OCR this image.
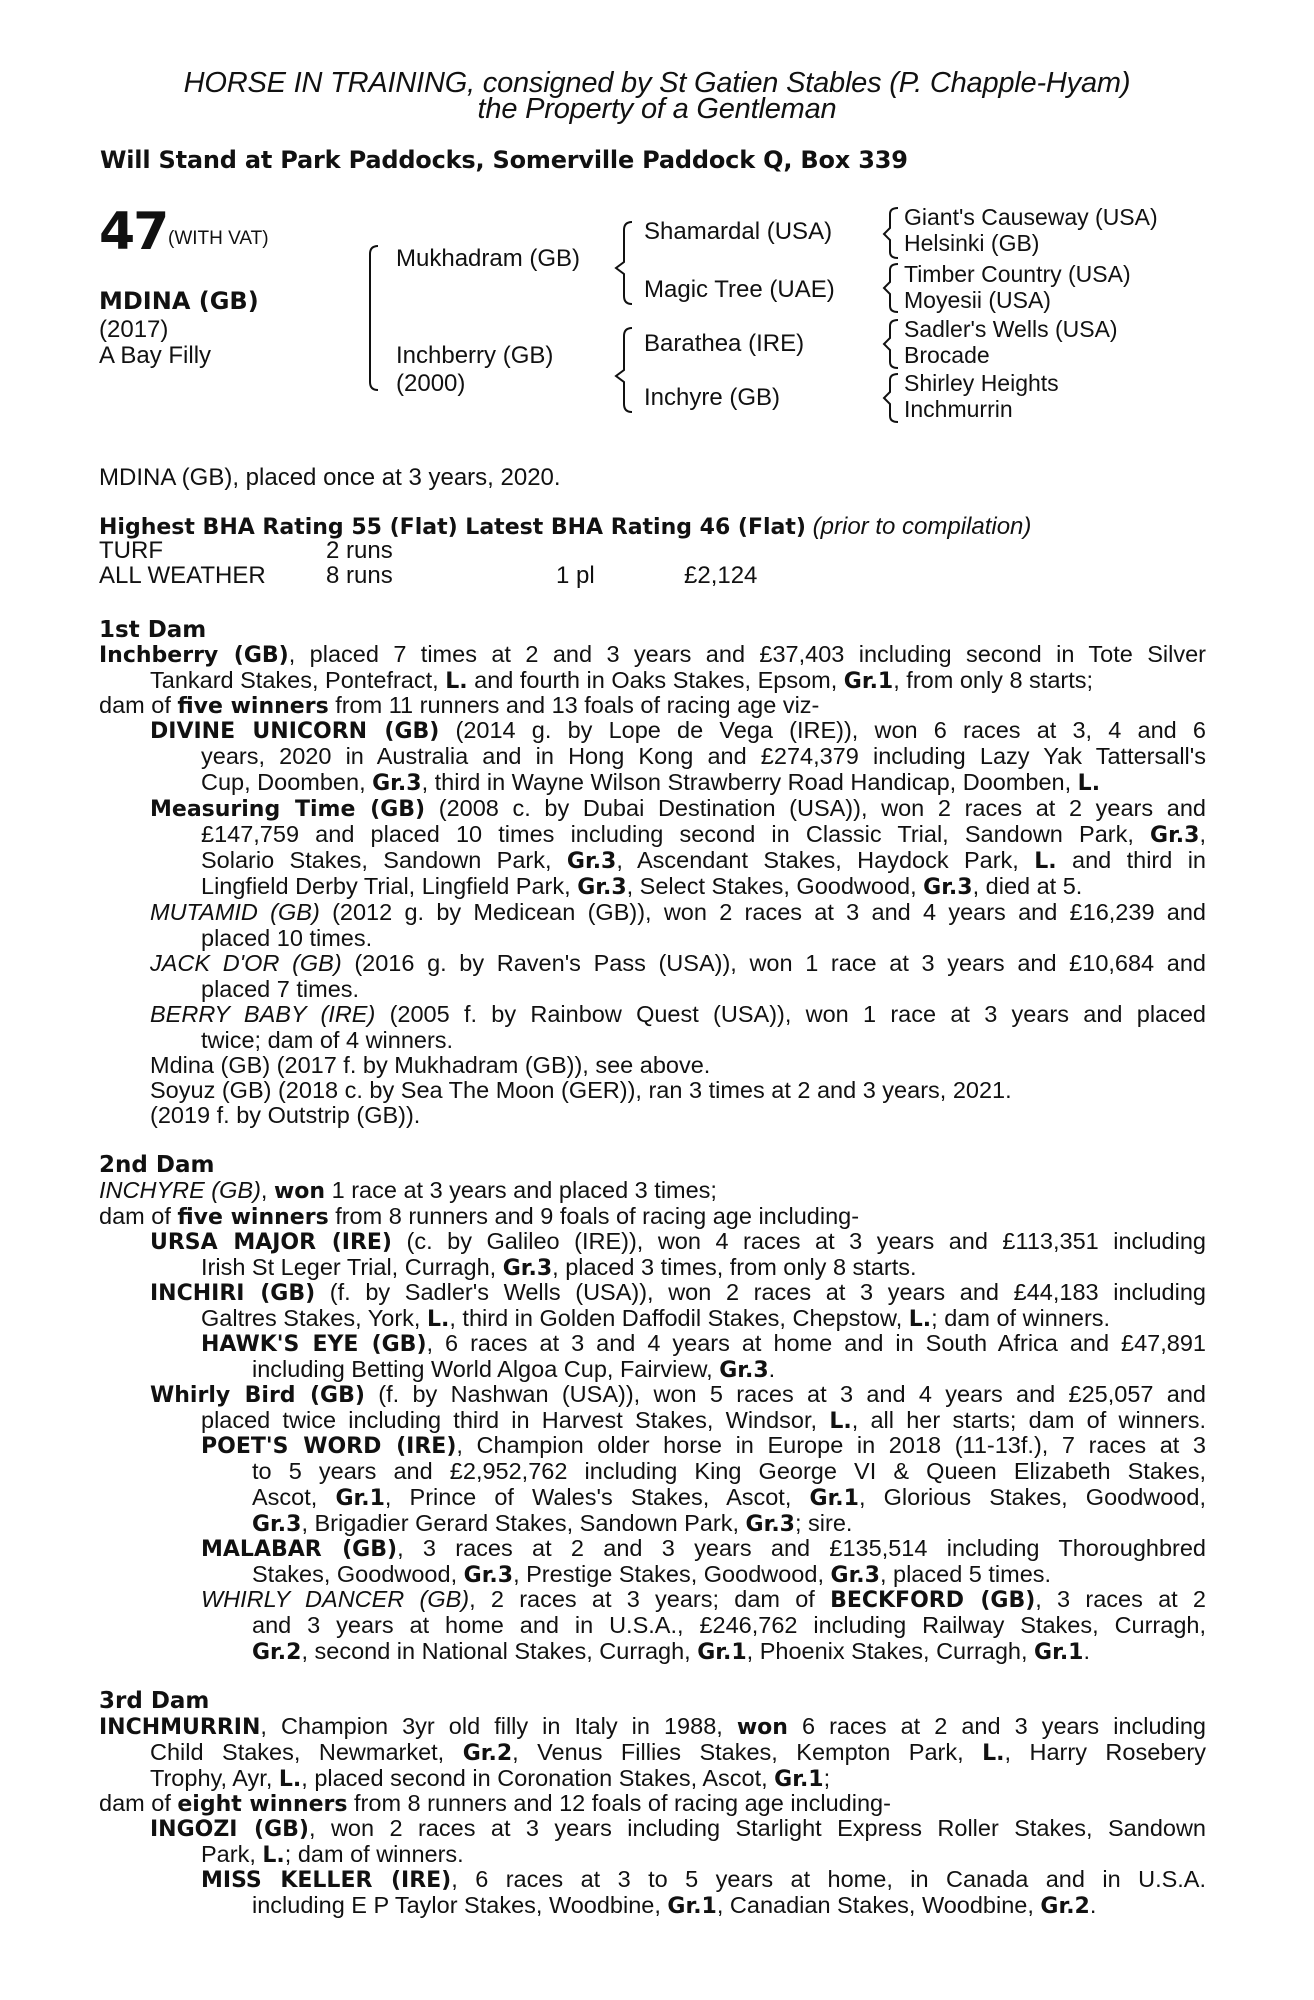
HORSE IN TRAINING, consigned by St Gatien Stables (P. Chapple-Hyam)
the Property of a Gentleman
Will Stand at Park Paddocks, Somerville Paddock Q, Box 339
47 (WITH VAT)
MDINA (GB)
(2017)
A Bay Filly
Mukhadram (GB)
Inchberry (GB)
(2000)
Shamardal (USA)
Magic Tree (UAE)
Barathea (IRE)
Inchyre (GB)
Giant's Causeway (USA)
Helsinki (GB)
Timber Country (USA)
Moyesii (USA)
Sadler's Wells (USA)
Brocade
Shirley Heights
Inchmurrin
MDINA (GB), placed once at 3 years, 2020.
Highest BHA Rating 55 (Flat) Latest BHA Rating 46 (Flat) (prior to compilation)
TURF	2 runs
ALL WEATHER	8 runs	1 pl	£2,124
1st Dam
Inchberry (GB), placed 7 times at 2 and 3 years and £37,403 including second in Tote Silver
Tankard Stakes, Pontefract, L. and fourth in Oaks Stakes, Epsom, Gr.1, from only 8 starts;
dam of five winners from 11 runners and 13 foals of racing age viz-
DIVINE UNICORN (GB) (2014 g. by Lope de Vega (IRE)), won 6 races at 3, 4 and 6
years, 2020 in Australia and in Hong Kong and £274,379 including Lazy Yak Tattersall's
Cup, Doomben, Gr.3, third in Wayne Wilson Strawberry Road Handicap, Doomben, L.
Measuring Time (GB) (2008 c. by Dubai Destination (USA)), won 2 races at 2 years and
£147,759 and placed 10 times including second in Classic Trial, Sandown Park, Gr.3,
Solario Stakes, Sandown Park, Gr.3, Ascendant Stakes, Haydock Park, L. and third in
Lingfield Derby Trial, Lingfield Park, Gr.3, Select Stakes, Goodwood, Gr.3, died at 5.
MUTAMID (GB) (2012 g. by Medicean (GB)), won 2 races at 3 and 4 years and £16,239 and
placed 10 times.
JACK D'OR (GB) (2016 g. by Raven's Pass (USA)), won 1 race at 3 years and £10,684 and
placed 7 times.
BERRY BABY (IRE) (2005 f. by Rainbow Quest (USA)), won 1 race at 3 years and placed
twice; dam of 4 winners.
Mdina (GB) (2017 f. by Mukhadram (GB)), see above.
Soyuz (GB) (2018 c. by Sea The Moon (GER)), ran 3 times at 2 and 3 years, 2021.
(2019 f. by Outstrip (GB)).
2nd Dam
INCHYRE (GB), won 1 race at 3 years and placed 3 times;
dam of five winners from 8 runners and 9 foals of racing age including-
URSA MAJOR (IRE) (c. by Galileo (IRE)), won 4 races at 3 years and £113,351 including
Irish St Leger Trial, Curragh, Gr.3, placed 3 times, from only 8 starts.
INCHIRI (GB) (f. by Sadler's Wells (USA)), won 2 races at 3 years and £44,183 including
Galtres Stakes, York, L., third in Golden Daffodil Stakes, Chepstow, L.; dam of winners.
HAWK'S EYE (GB), 6 races at 3 and 4 years at home and in South Africa and £47,891
including Betting World Algoa Cup, Fairview, Gr.3.
Whirly Bird (GB) (f. by Nashwan (USA)), won 5 races at 3 and 4 years and £25,057 and
placed twice including third in Harvest Stakes, Windsor, L., all her starts; dam of winners.
POET'S WORD (IRE), Champion older horse in Europe in 2018 (11-13f.), 7 races at 3
to 5 years and £2,952,762 including King George VI & Queen Elizabeth Stakes,
Ascot, Gr.1, Prince of Wales's Stakes, Ascot, Gr.1, Glorious Stakes, Goodwood,
Gr.3, Brigadier Gerard Stakes, Sandown Park, Gr.3; sire.
MALABAR (GB), 3 races at 2 and 3 years and £135,514 including Thoroughbred
Stakes, Goodwood, Gr.3, Prestige Stakes, Goodwood, Gr.3, placed 5 times.
WHIRLY DANCER (GB), 2 races at 3 years; dam of BECKFORD (GB), 3 races at 2
and 3 years at home and in U.S.A., £246,762 including Railway Stakes, Curragh,
Gr.2, second in National Stakes, Curragh, Gr.1, Phoenix Stakes, Curragh, Gr.1.
3rd Dam
INCHMURRIN, Champion 3yr old filly in Italy in 1988, won 6 races at 2 and 3 years including
Child Stakes, Newmarket, Gr.2, Venus Fillies Stakes, Kempton Park, L., Harry Rosebery
Trophy, Ayr, L., placed second in Coronation Stakes, Ascot, Gr.1;
dam of eight winners from 8 runners and 12 foals of racing age including-
INGOZI (GB), won 2 races at 3 years including Starlight Express Roller Stakes, Sandown
Park, L.; dam of winners.
MISS KELLER (IRE), 6 races at 3 to 5 years at home, in Canada and in U.S.A.
including E P Taylor Stakes, Woodbine, Gr.1, Canadian Stakes, Woodbine, Gr.2.
